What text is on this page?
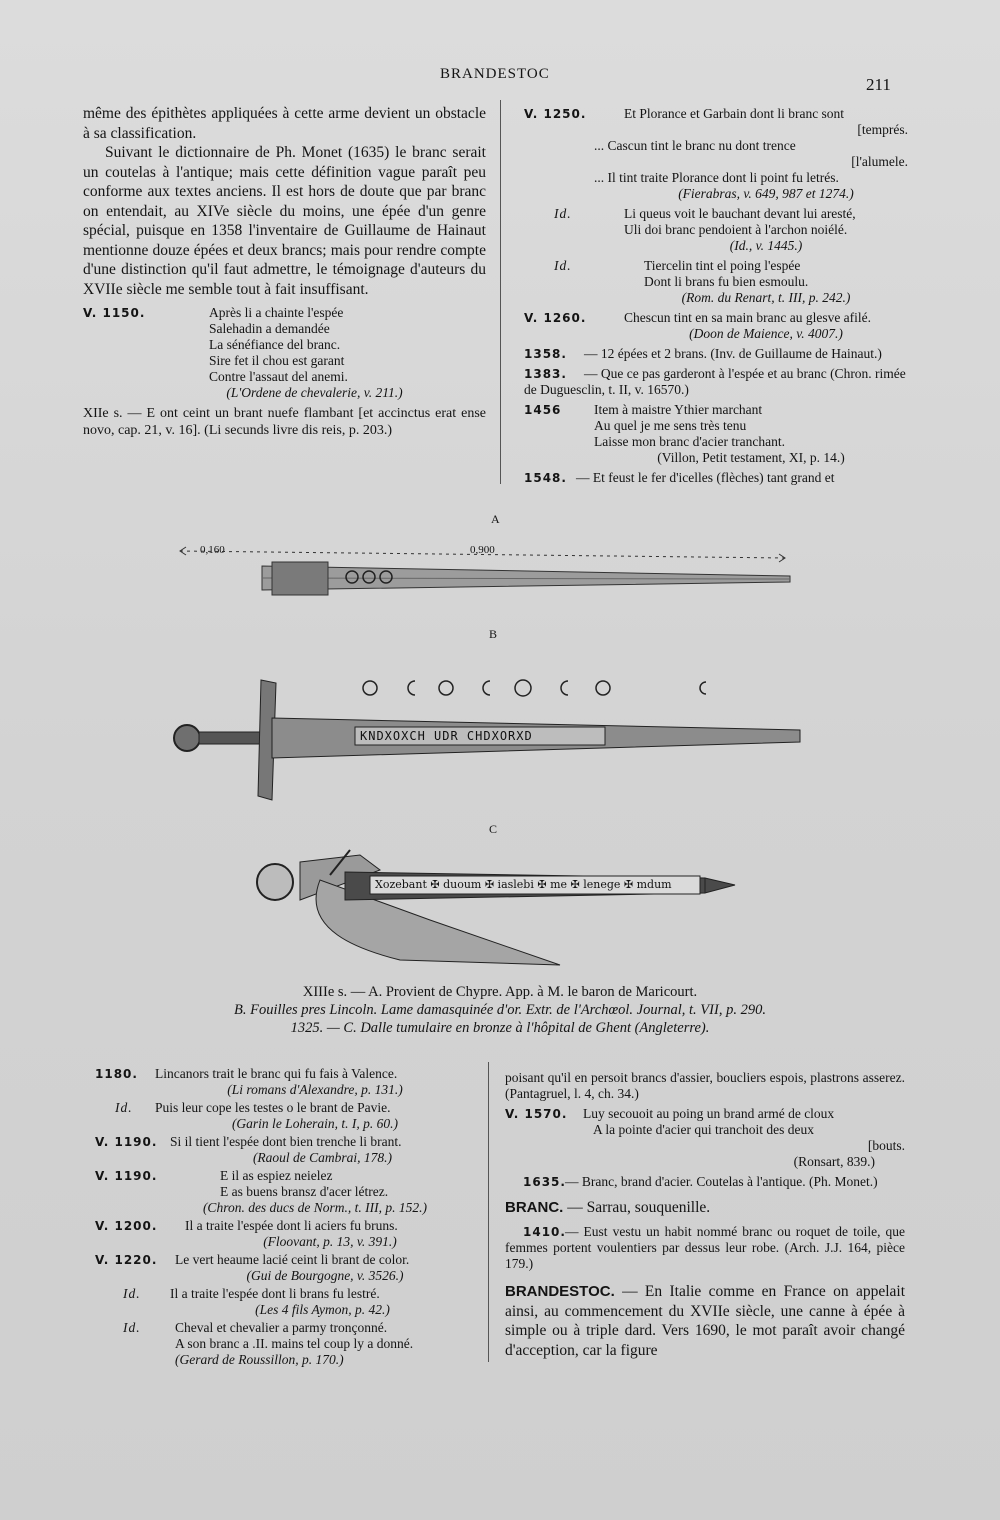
BRANDESTOC
211
même des épithètes appliquées à cette arme devient un obstacle à sa classification.
Suivant le dictionnaire de Ph. Monet (1635) le branc serait un coutelas à l'antique; mais cette définition vague paraît peu conforme aux textes anciens. Il est hors de doute que par branc on entendait, au XIVe siècle du moins, une épée d'un genre spécial, puisque en 1358 l'inventaire de Guillaume de Hainaut mentionne douze épées et deux brancs; mais pour rendre compte d'une distinction qu'il faut admettre, le témoignage d'auteurs du XVIIe siècle me semble tout à fait insuffisant.
V. 1150.	Après li a chainte l'espée
Salehadin a demandée
La sénéfiance del branc.
Sire fet il chou est garant
Contre l'assaut del anemi.
(L'Ordene de chevalerie, v. 211.)
XIIe s. — E ont ceint un brant nuefe flambant [et accinctus erat ense novo, cap. 21, v. 16]. (Li secunds livre dis reis, p. 203.)
V. 1250.	Et Plorance et Garbain dont li branc sont
[temprés.
... Cascun tint le branc nu dont trence
[l'alumele.
... Il tint traite Plorance dont li point fu letrés.
(Fierabras, v. 649, 987 et 1274.)
Id.	Li queus voit le bauchant devant lui aresté,
Uli doi branc pendoient à l'archon noiélé.
(Id., v. 1445.)
Id.	Tiercelin tint el poing l'espée
Dont li brans fu bien esmoulu.
(Rom. du Renart, t. III, p. 242.)
V. 1260.	Chescun tint en sa main branc au glesve afilé.
(Doon de Maience, v. 4007.)
1358.	— 12 épées et 2 brans. (Inv. de Guillaume de Hainaut.)
1383.	— Que ce pas garderont à l'espée et au branc (Chron. rimée de Duguesclin, t. II, v. 16570.)
1456 Item à maistre Ythier marchant
Au quel je me sens très tenu
Laisse mon branc d'acier tranchant.
(Villon, Petit testament, XI, p. 14.)
1548. — Et feust le fer d'icelles (flèches) tant grand et
A
B
C
0,160	0,900
KNDXOXCH UDR CHDXORXD
Xozebant ✠ duoum ✠ iaslebi ✠ me ✠ lenege ✠ mdum
XIIIe s. — A. Provient de Chypre. App. à M. le baron de Maricourt.
B. Fouilles pres Lincoln. Lame damasquinée d'or. Extr. de l'Archœol. Journal, t. VII, p. 290.
1325. — C. Dalle tumulaire en bronze à l'hôpital de Ghent (Angleterre).
1180. Lincanors trait le branc qui fu fais à Valence.
(Li romans d'Alexandre, p. 131.)
Id. Puis leur cope les testes o le brant de Pavie.
(Garin le Loherain, t. I, p. 60.)
V. 1190. Si il tient l'espée dont bien trenche li brant.
(Raoul de Cambrai, 178.)
V. 1190.	E il as espiez neielez
E as buens bransz d'acer létrez.
(Chron. des ducs de Norm., t. III, p. 152.)
V. 1200. Il a traite l'espée dont li aciers fu bruns.
(Floovant, p. 13, v. 391.)
V. 1220. Le vert heaume lacié ceint li brant de color.
(Gui de Bourgogne, v. 3526.)
Id. Il a traite l'espée dont li brans fu lestré.
(Les 4 fils Aymon, p. 42.)
Id.	Cheval et chevalier a parmy tronçonné.
A son branc a .II. mains tel coup ly a donné.
(Gerard de Roussillon, p. 170.)
poisant qu'il en persoit brancs d'assier, boucliers espois, plastrons asserez. (Pantagruel, l. 4, ch. 34.)
V. 1570. Luy secouoit au poing un brand armé de cloux
A la pointe d'acier qui tranchoit des deux
[bouts.
(Ronsart, 839.)
1635. — Branc, brand d'acier. Coutelas à l'antique. (Ph. Monet.)
BRANC. — Sarrau, souquenille.
1410. — Eust vestu un habit nommé branc ou roquet de toile, que femmes portent voulentiers par dessus leur robe. (Arch. J.J. 164, pièce 179.)
BRANDESTOC. — En Italie comme en France on appelait ainsi, au commencement du XVIIe siècle, une canne à épée à simple ou à triple dard. Vers 1690, le mot paraît avoir changé d'acception, car la figure
